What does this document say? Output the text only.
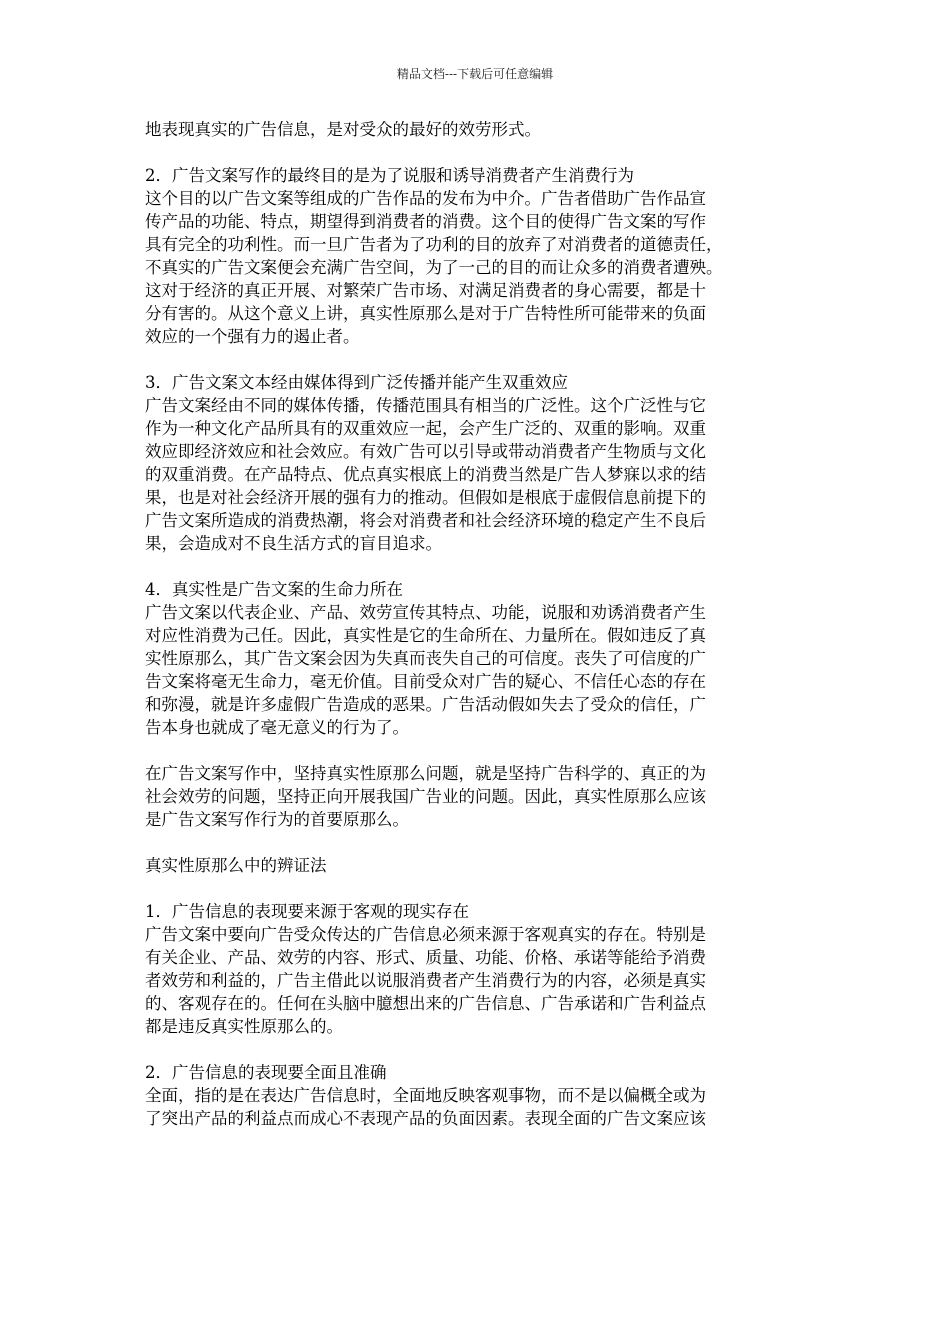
精品文档---下载后可任意编辑
地表现真实的广告信息，是对受众的最好的效劳形式。
2．广告文案写作的最终目的是为了说服和诱导消费者产生消费行为
这个目的以广告文案等组成的广告作品的发布为中介。广告者借助广告作品宣
传产品的功能、特点，期望得到消费者的消费。这个目的使得广告文案的写作
具有完全的功利性。而一旦广告者为了功利的目的放弃了对消费者的道德责任，
不真实的广告文案便会充满广告空间，为了一己的目的而让众多的消费者遭殃。
这对于经济的真正开展、对繁荣广告市场、对满足消费者的身心需要，都是十
分有害的。从这个意义上讲，真实性原那么是对于广告特性所可能带来的负面
效应的一个强有力的遏止者。
3．广告文案文本经由媒体得到广泛传播并能产生双重效应
广告文案经由不同的媒体传播，传播范围具有相当的广泛性。这个广泛性与它
作为一种文化产品所具有的双重效应一起，会产生广泛的、双重的影响。双重
效应即经济效应和社会效应。有效广告可以引导或带动消费者产生物质与文化
的双重消费。在产品特点、优点真实根底上的消费当然是广告人梦寐以求的结
果，也是对社会经济开展的强有力的推动。但假如是根底于虚假信息前提下的
广告文案所造成的消费热潮，将会对消费者和社会经济环境的稳定产生不良后
果，会造成对不良生活方式的盲目追求。
4．真实性是广告文案的生命力所在
广告文案以代表企业、产品、效劳宣传其特点、功能，说服和劝诱消费者产生
对应性消费为己任。因此，真实性是它的生命所在、力量所在。假如违反了真
实性原那么，其广告文案会因为失真而丧失自己的可信度。丧失了可信度的广
告文案将毫无生命力，毫无价值。目前受众对广告的疑心、不信任心态的存在
和弥漫，就是许多虚假广告造成的恶果。广告活动假如失去了受众的信任，广
告本身也就成了毫无意义的行为了。
在广告文案写作中，坚持真实性原那么问题，就是坚持广告科学的、真正的为
社会效劳的问题，坚持正向开展我国广告业的问题。因此，真实性原那么应该
是广告文案写作行为的首要原那么。
真实性原那么中的辨证法
1．广告信息的表现要来源于客观的现实存在
广告文案中要向广告受众传达的广告信息必须来源于客观真实的存在。特别是
有关企业、产品、效劳的内容、形式、质量、功能、价格、承诺等能给予消费
者效劳和利益的，广告主借此以说服消费者产生消费行为的内容，必须是真实
的、客观存在的。任何在头脑中臆想出来的广告信息、广告承诺和广告利益点
都是违反真实性原那么的。
2．广告信息的表现要全面且准确
全面，指的是在表达广告信息时，全面地反映客观事物，而不是以偏概全或为
了突出产品的利益点而成心不表现产品的负面因素。表现全面的广告文案应该
